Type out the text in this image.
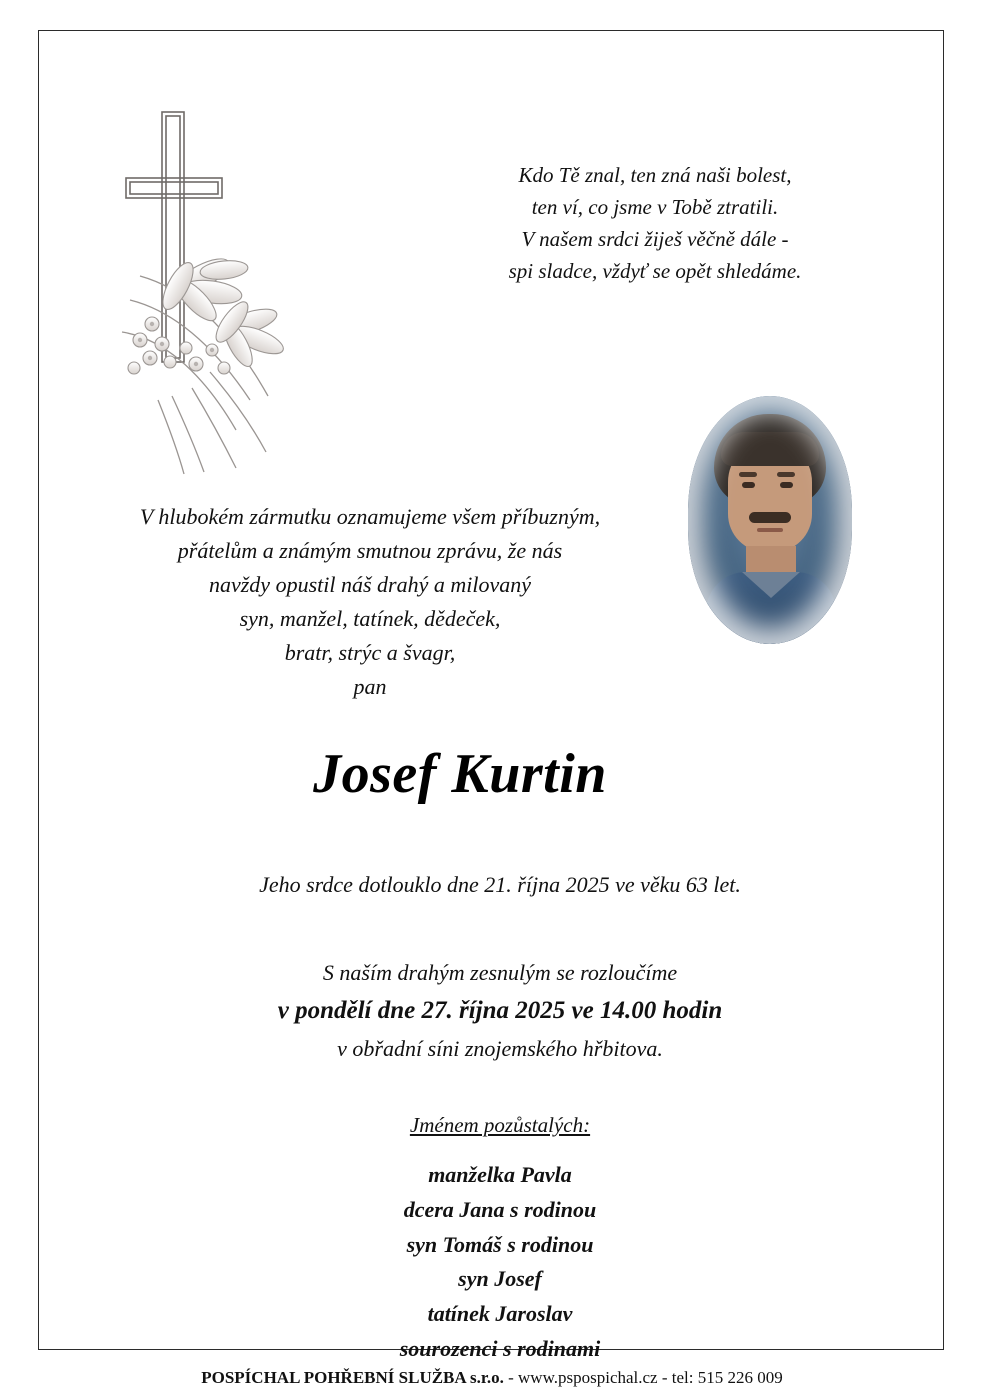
Kdo Tě znal, ten zná naši bolest,
ten ví, co jsme v Tobě ztratili.
V našem srdci žiješ věčně dále -
spi sladce, vždyť se opět shledáme.
V hlubokém zármutku oznamujeme všem příbuzným,
přátelům a známým smutnou zprávu, že nás
navždy opustil náš drahý a milovaný
syn, manžel, tatínek, dědeček,
bratr, strýc a švagr,
pan
Josef Kurtin
Jeho srdce dotlouklo dne 21. října 2025 ve věku 63 let.
S naším drahým zesnulým se rozloučíme
v pondělí dne 27. října 2025 ve 14.00 hodin
v obřadní síni znojemského hřbitova.
Jménem pozůstalých:
manželka Pavla
dcera Jana s rodinou
syn Tomáš s rodinou
syn Josef
tatínek Jaroslav
sourozenci s rodinami
POSPÍCHAL POHŘEBNÍ SLUŽBA s.r.o. - www.pspospichal.cz - tel: 515 226 009
